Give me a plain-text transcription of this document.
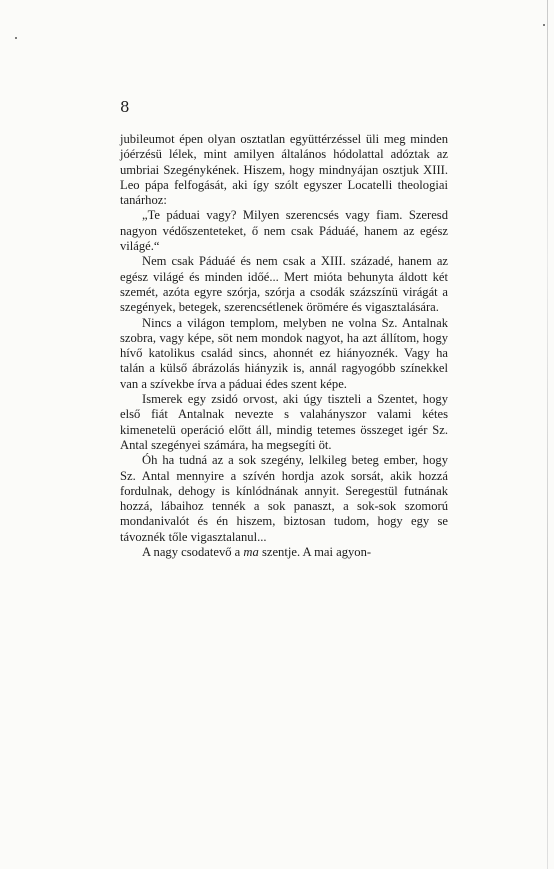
8

jubileumot épen olyan osztatlan együttérzéssel üli meg minden jóérzésü lélek, mint amilyen általános hódolattal adóztak az umbriai Szegénykének. Hiszem, hogy mindnyájan osztjuk XIII. Leo pápa felfogását, aki így szólt egyszer Locatelli theologiai tanárhoz:

„Te páduai vagy? Milyen szerencsés vagy fiam. Szeresd nagyon védőszenteteket, ő nem csak Páduáé, hanem az egész világé.“

Nem csak Páduáé és nem csak a XIII. századé, hanem az egész világé és minden időé... Mert mióta behunyta áldott két szemét, azóta egyre szórja, szórja a csodák százszínü virágát a szegények, betegek, szerencsétlenek örömére és vigasztalására.

Nincs a világon templom, melyben ne volna Sz. Antalnak szobra, vagy képe, söt nem mondok nagyot, ha azt állítom, hogy hívő katolikus család sincs, ahonnét ez hiányoznék. Vagy ha talán a külső ábrázolás hiányzik is, annál ragyogóbb színekkel van a szívekbe írva a páduai édes szent képe.

Ismerek egy zsidó orvost, aki úgy tiszteli a Szentet, hogy első fiát Antalnak nevezte s valahányszor valami kétes kimenetelü operáció előtt áll, mindig tetemes összeget igér Sz. Antal szegényei számára, ha megsegíti öt.

Óh ha tudná az a sok szegény, lelkileg beteg ember, hogy Sz. Antal mennyire a szívén hordja azok sorsát, akik hozzá fordulnak, dehogy is kínlódnának annyit. Seregestül futnának hozzá, lábaihoz tennék a sok panaszt, a sok-sok szomorú mondanivalót és én hiszem, biztosan tudom, hogy egy se távoznék tőle vigasztalanul...

A nagy csodatevő a ma szentje. A mai agyon-
